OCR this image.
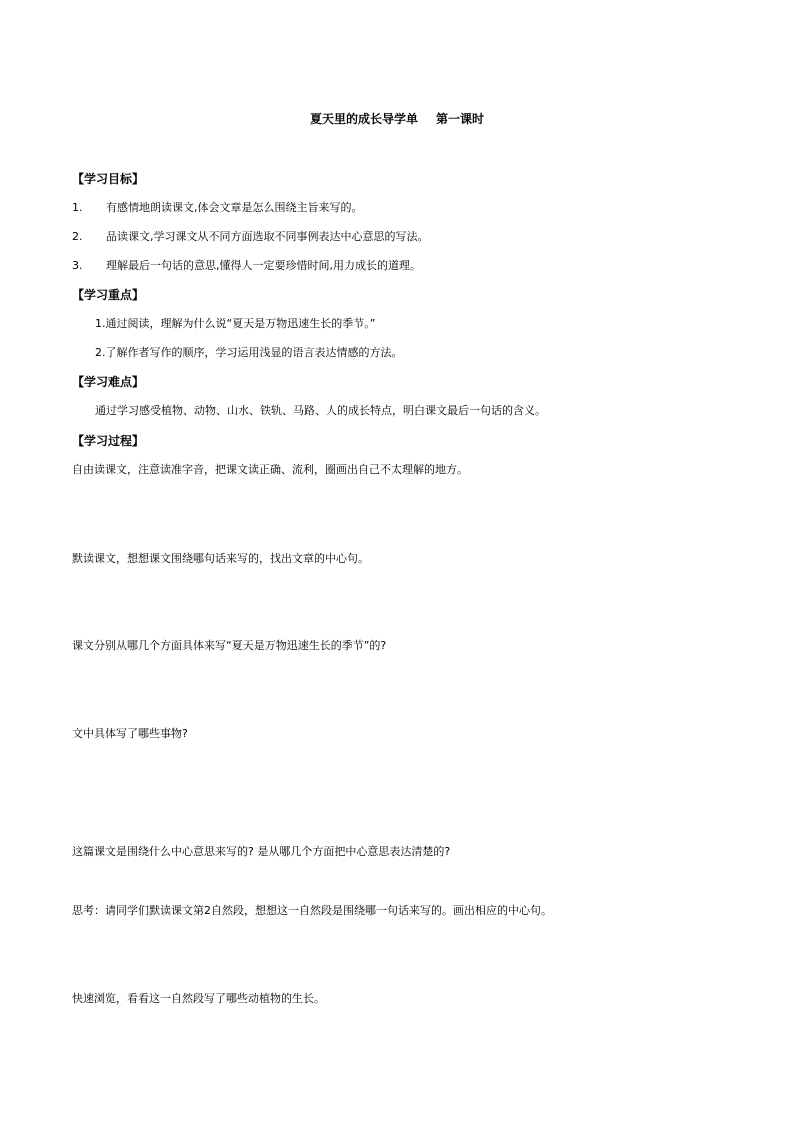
夏天里的成长导学单 第一课时
【学习目标】
1. 有感情地朗读课文,体会文章是怎么围绕主旨来写的。
2. 品读课文,学习课文从不同方面选取不同事例表达中心意思的写法。
3. 理解最后一句话的意思,懂得人一定要珍惜时间,用力成长的道理。
【学习重点】
1.通过阅读，理解为什么说“夏天是万物迅速生长的季节。”
2.了解作者写作的顺序，学习运用浅显的语言表达情感的方法。
【学习难点】
通过学习感受植物、动物、山水、铁轨、马路、人的成长特点，明白课文最后一句话的含义。
【学习过程】
自由读课文，注意读准字音，把课文读正确、流利，圈画出自己不太理解的地方。
默读课文，想想课文围绕哪句话来写的，找出文章的中心句。
课文分别从哪几个方面具体来写“夏天是万物迅速生长的季节”的?
文中具体写了哪些事物?
这篇课文是围绕什么中心意思来写的? 是从哪几个方面把中心意思表达清楚的?
思考：请同学们默读课文第2自然段，想想这一自然段是围绕哪一句话来写的。画出相应的中心句。
快速浏览，看看这一自然段写了哪些动植物的生长。
